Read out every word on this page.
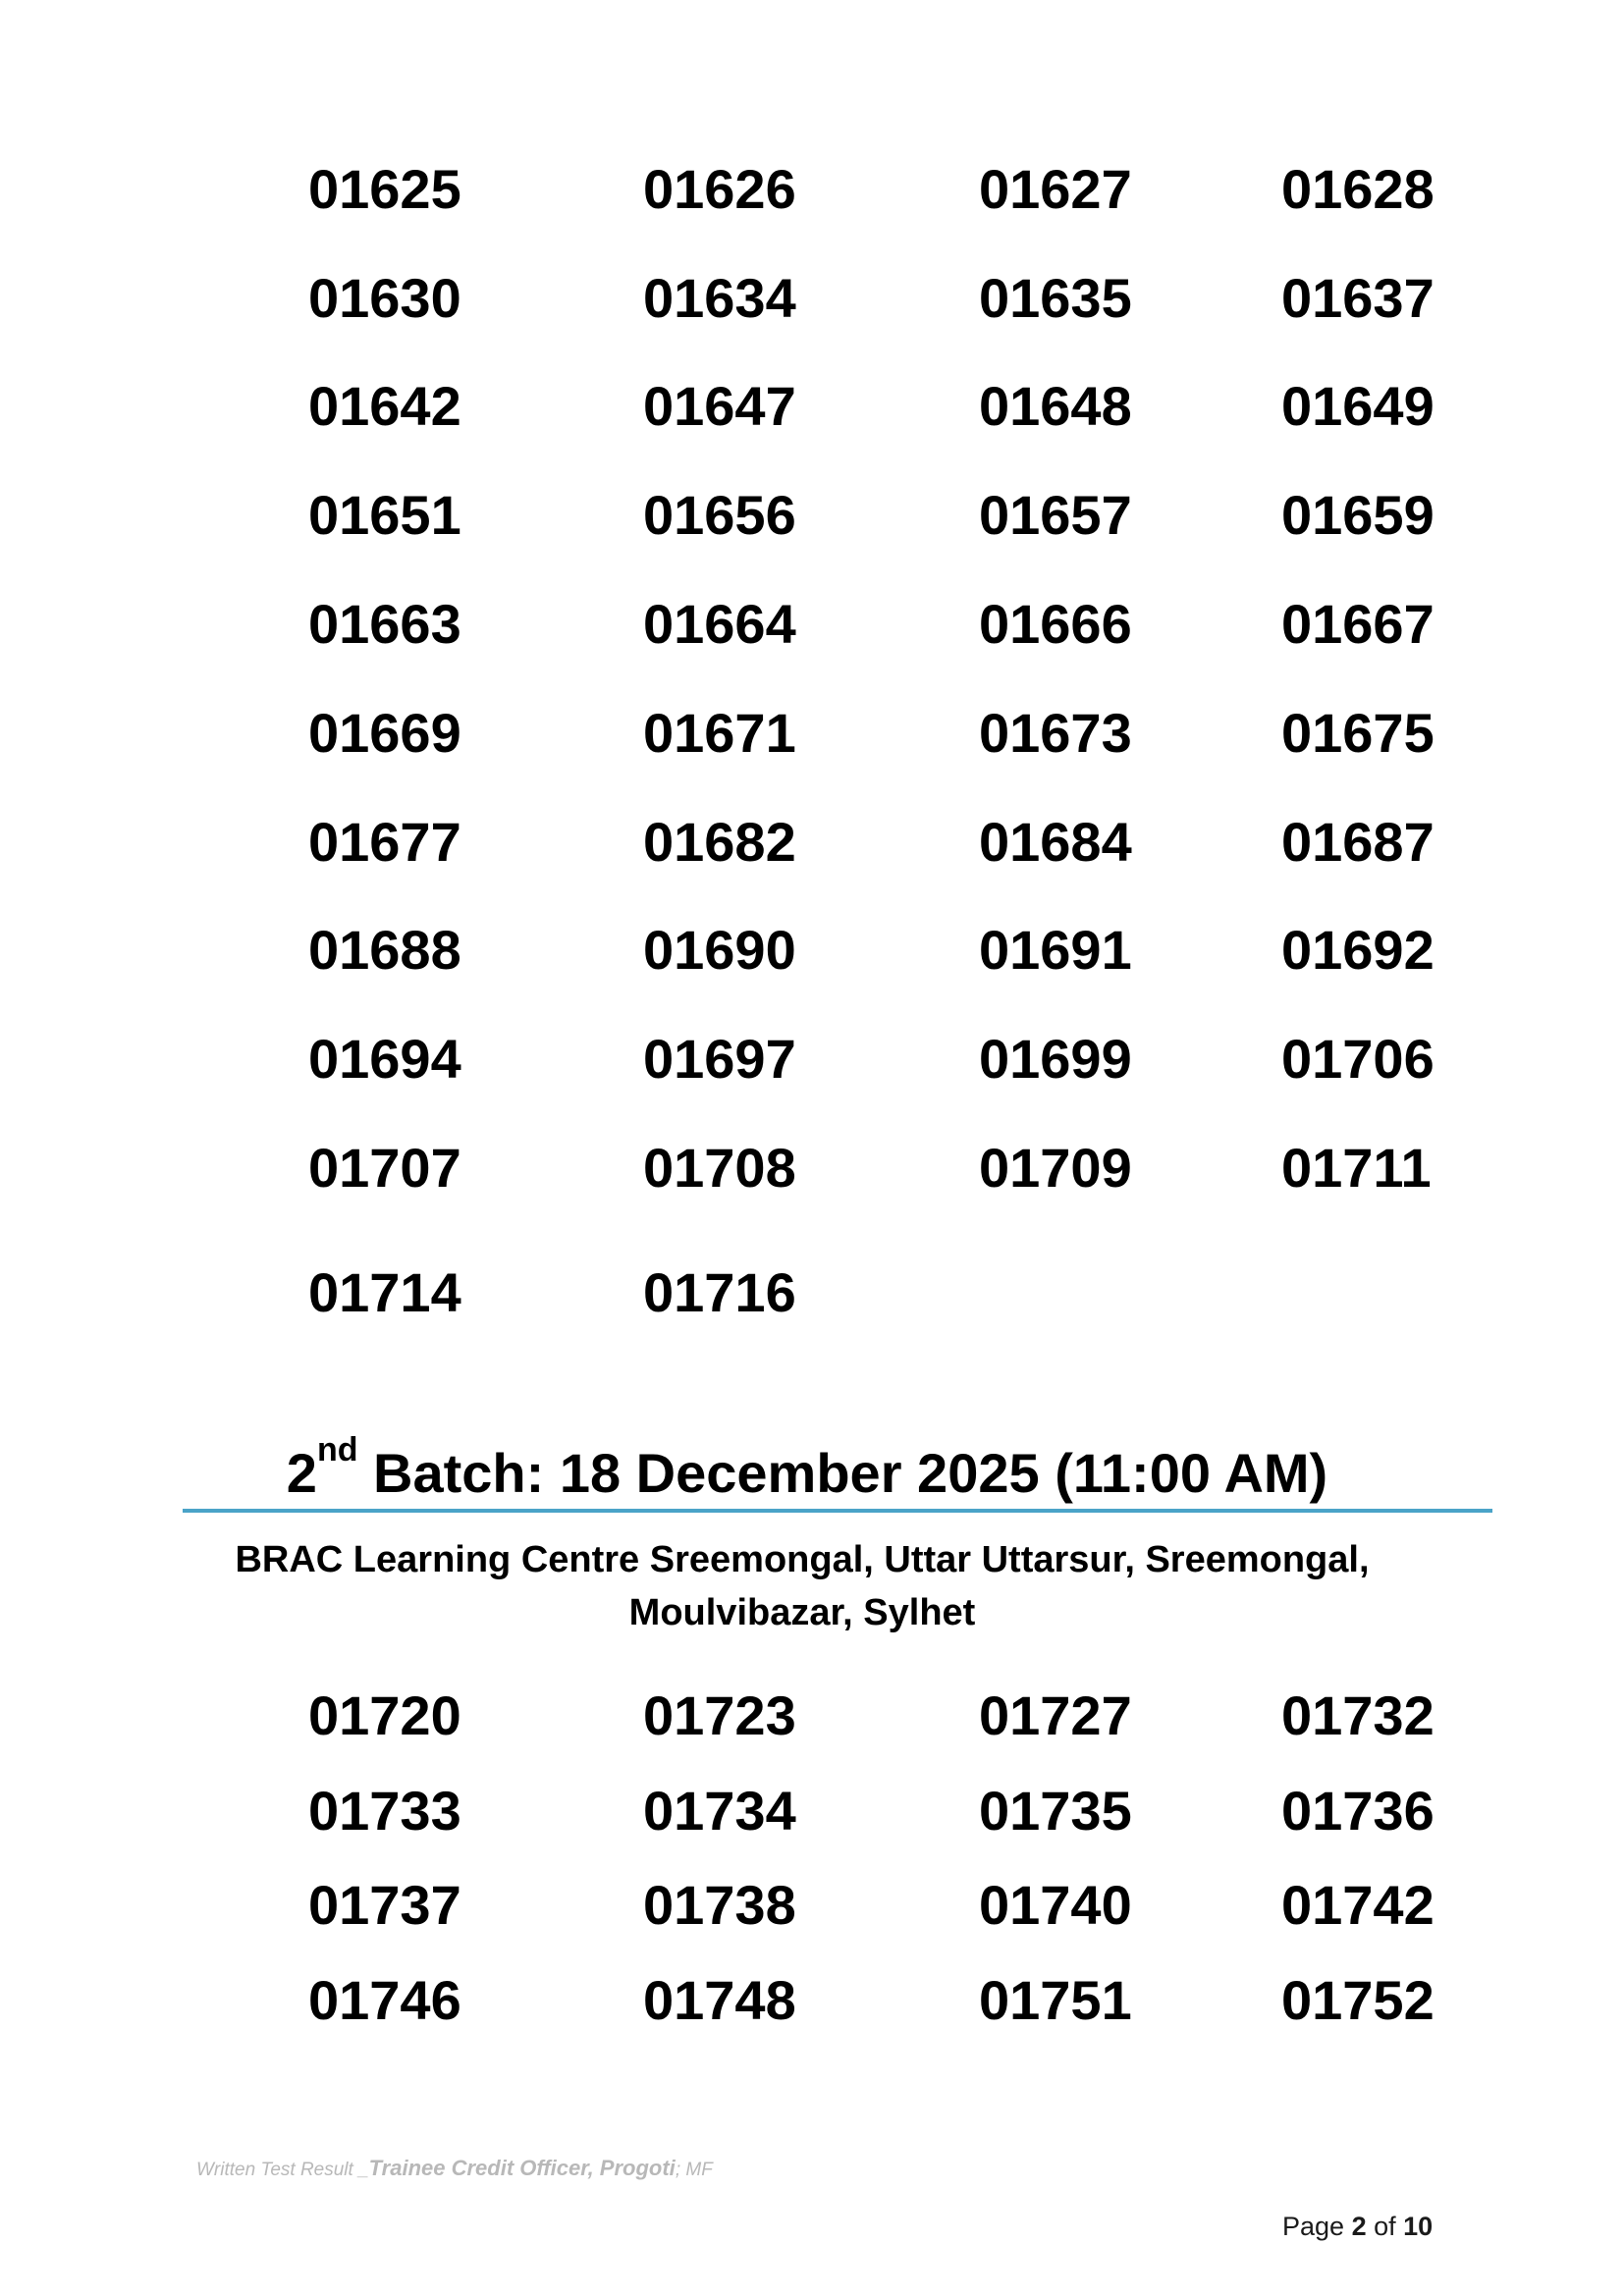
01625	01626	01627	01628
01630	01634	01635	01637
01642	01647	01648	01649
01651	01656	01657	01659
01663	01664	01666	01667
01669	01671	01673	01675
01677	01682	01684	01687
01688	01690	01691	01692
01694	01697	01699	01706
01707	01708	01709	01711
01714	01716
2nd Batch: 18 December 2025 (11:00 AM)
BRAC Learning Centre Sreemongal, Uttar Uttarsur, Sreemongal,
Moulvibazar, Sylhet
01720	01723	01727	01732
01733	01734	01735	01736
01737	01738	01740	01742
01746	01748	01751	01752
Written Test Result _Trainee Credit Officer, Progoti; MF
Page 2 of 10
